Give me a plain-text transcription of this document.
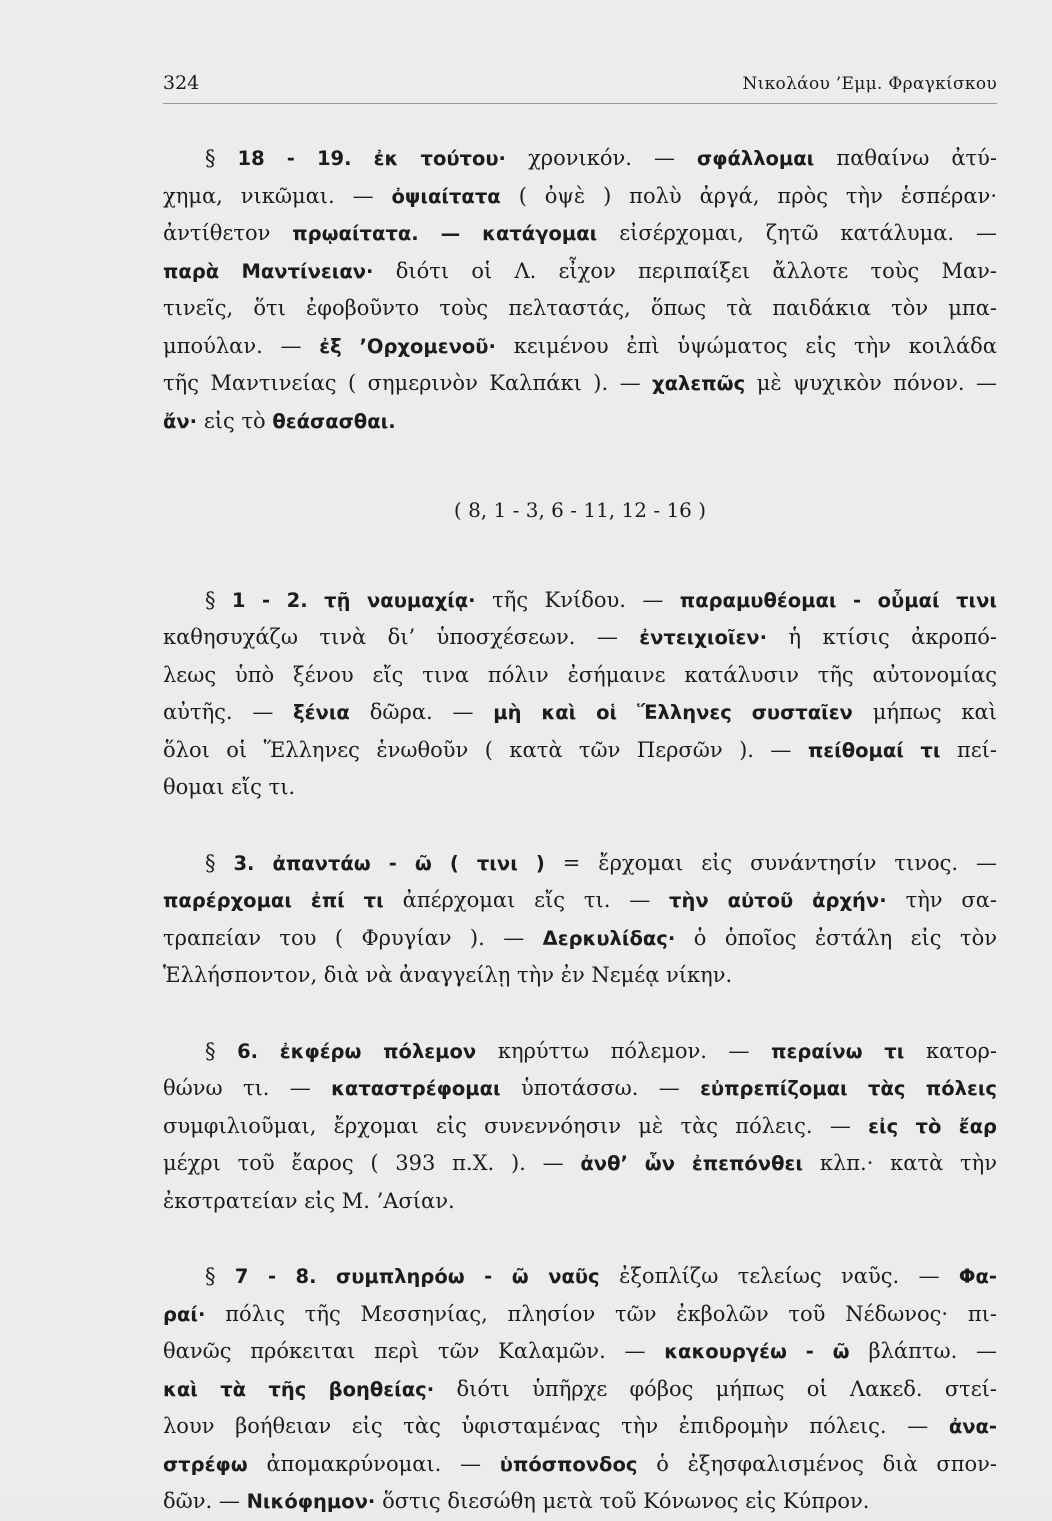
324	Νικολάου ’Εμμ. Φραγκίσκου
§ 18 - 19. ἐκ τούτου· χρονικόν. — σφάλλομαι παθαίνω ἀτύ-
χημα, νικῶμαι. — ὀψιαίτατα ( ὀψὲ ) πολὺ ἀργά, πρὸς τὴν ἑσπέραν·
ἀντίθετον πρῳαίτατα. — κατάγομαι εἰσέρχομαι, ζητῶ κατάλυμα. —
παρὰ Μαντίνειαν· διότι οἱ Λ. εἶχον περιπαίξει ἄλλοτε τοὺς Μαν-
τινεῖς, ὅτι ἐφοβοῦντο τοὺς πελταστάς, ὅπως τὰ παιδάκια τὸν μπα-
μπούλαν. — ἐξ ’Ορχομενοῦ· κειμένου ἐπὶ ὑψώματος εἰς τὴν κοιλάδα
τῆς Μαντινείας ( σημερινὸν Καλπάκι ). — χαλεπῶς μὲ ψυχικὸν πόνον. —
ἄν· εἰς τὸ θεάσασθαι.
( 8, 1 - 3, 6 - 11, 12 - 16 )
§ 1 - 2. τῇ ναυμαχίᾳ· τῆς Κνίδου. — παραμυθέομαι - οὖμαί τινι
καθησυχάζω τινὰ δι’ ὑποσχέσεων. — ἐντειχιοῖεν· ἡ κτίσις ἀκροπό-
λεως ὑπὸ ξένου εἴς τινα πόλιν ἐσήμαινε κατάλυσιν τῆς αὐτονομίας
αὐτῆς. — ξένια δῶρα. — μὴ καὶ οἱ Ἕλληνες συσταῖεν μήπως καὶ
ὅλοι οἱ Ἕλληνες ἑνωθοῦν ( κατὰ τῶν Περσῶν ). — πείθομαί τι πεί-
θομαι εἴς τι.
§ 3. ἀπαντάω - ῶ ( τινι ) = ἔρχομαι εἰς συνάντησίν τινος. —
παρέρχομαι ἐπί τι ἀπέρχομαι εἴς τι. — τὴν αὐτοῦ ἀρχήν· τὴν σα-
τραπείαν του ( Φρυγίαν ). — Δερκυλίδας· ὁ ὁποῖος ἐστάλη εἰς τὸν
Ἑλλήσποντον, διὰ νὰ ἀναγγείλῃ τὴν ἐν Νεμέᾳ νίκην.
§ 6. ἐκφέρω πόλεμον κηρύττω πόλεμον. — περαίνω τι κατορ-
θώνω τι. — καταστρέφομαι ὑποτάσσω. — εὐπρεπίζομαι τὰς πόλεις
συμφιλιοῦμαι, ἔρχομαι εἰς συνεννόησιν μὲ τὰς πόλεις. — εἰς τὸ ἔαρ
μέχρι τοῦ ἔαρος ( 393 π.Χ. ). — ἀνθ’ ὧν ἐπεπόνθει κλπ.· κατὰ τὴν
ἐκστρατείαν εἰς Μ. ’Ασίαν.
§ 7 - 8. συμπληρόω - ῶ ναῦς ἐξοπλίζω τελείως ναῦς. — Φα-
ραί· πόλις τῆς Μεσσηνίας, πλησίον τῶν ἐκβολῶν τοῦ Νέδωνος· πι-
θανῶς πρόκειται περὶ τῶν Καλαμῶν. — κακουργέω - ῶ βλάπτω. —
καὶ τὰ τῆς βοηθείας· διότι ὑπῆρχε φόβος μήπως οἱ Λακεδ. στεί-
λουν βοήθειαν εἰς τὰς ὑφισταμένας τὴν ἐπιδρομὴν πόλεις. — ἀνα-
στρέφω ἀπομακρύνομαι. — ὑπόσπονδος ὁ ἐξησφαλισμένος διὰ σπον-
δῶν. — Νικόφημον· ὅστις διεσώθη μετὰ τοῦ Κόνωνος εἰς Κύπρον.
